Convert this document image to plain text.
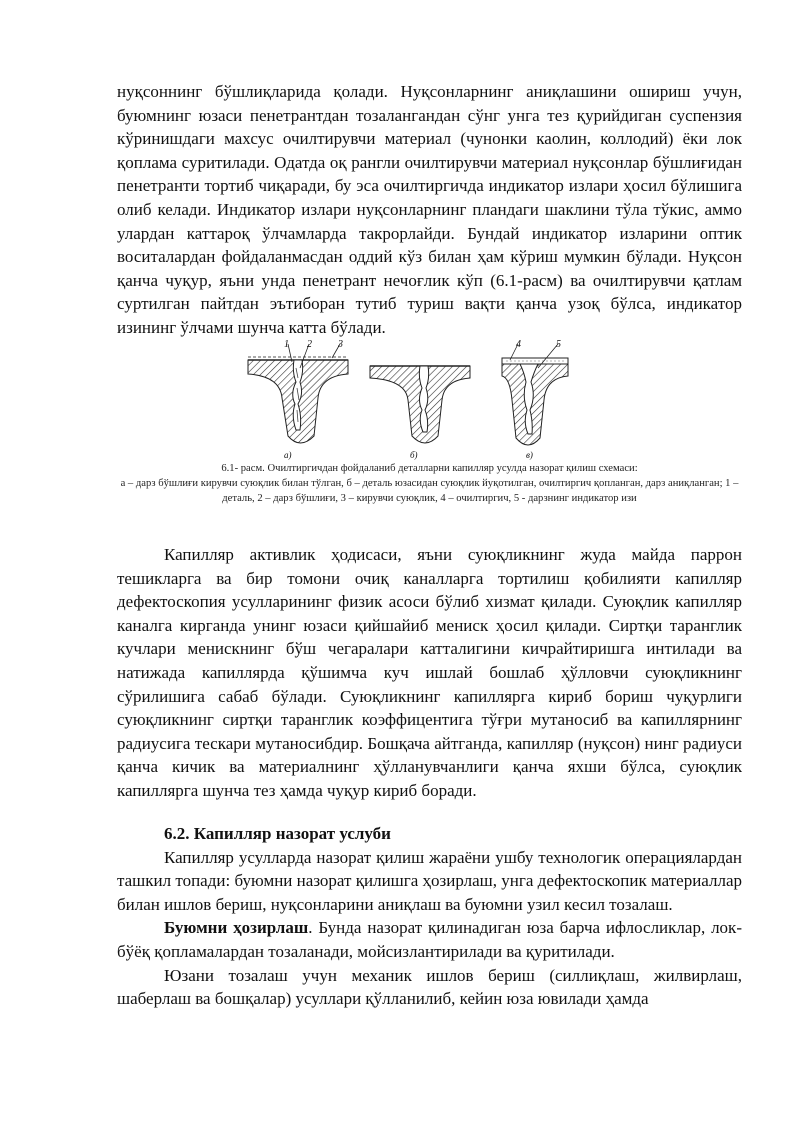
нуқсоннинг бўшлиқларида қолади. Нуқсонларнинг аниқлашини ошириш учун, буюмнинг юзаси пенетрантдан тозалангандан сўнг унга тез қурийдиган суспензия кўринишдаги махсус очилтирувчи материал (чунонки каолин, коллодий) ёки лок қоплама суритилади. Одатда оқ рангли очилтирувчи материал нуқсонлар бўшлиғидан пенетранти тортиб чиқаради, бу эса очилтиргичда индикатор излари ҳосил бўлишига олиб келади. Индикатор излари нуқсонларнинг пландаги шаклини тўла тўкис, аммо улардан каттароқ ўлчамларда такрорлайди. Бундай индикатор изларини оптик воситалардан фойдаланмасдан оддий кўз билан ҳам кўриш мумкин бўлади. Нуқсон қанча чуқур, яъни унда пенетрант нечоғлик кўп (6.1-расм) ва очилтирувчи қатлам суртилган пайтдан эътиборан тутиб туриш вақти қанча узоқ бўлса, индикатор изининг ўлчами шунча катта бўлади.

1 2	3	4	5
а)	б)	в)

6.1- расм. Очилтиргичдан фойдаланиб деталларни капилляр усулда назорат қилиш схемаси:

а – дарз бўшлиғи кирувчи суюқлик билан тўлган, б – деталь юзасидан суюқлик йуқотилган, очилтиргич қопланган, дарз аниқланган; 1 – деталь, 2 – дарз бўшлиғи, 3 – кирувчи суюқлик, 4 – очилтиргич, 5 - дарзнинг индикатор изи

Капилляр активлик ҳодисаси, яъни суюқликнинг жуда майда паррон тешикларга ва бир томони очиқ каналларга тортилиш қобилияти капилляр дефектоскопия усулларининг физик асоси бўлиб хизмат қилади. Суюқлик капилляр каналга кирганда унинг юзаси қийшайиб мениск ҳосил қилади. Сиртқи таранглик кучлари менискнинг бўш чегаралари катталигини кичрайтиришга интилади ва натижада капиллярда қўшимча куч ишлай бошлаб ҳўлловчи суюқликнинг сўрилишига сабаб бўлади. Суюқликнинг капиллярга кириб бориш чуқурлиги суюқликнинг сиртқи таранглик коэффицентига тўғри мутаносиб ва капиллярнинг радиусига тескари мутаносибдир. Бошқача айтганда, капилляр (нуқсон) нинг радиуси қанча кичик ва материалнинг ҳўлланувчанлиги қанча яхши бўлса, суюқлик капиллярга шунча тез ҳамда чуқур кириб боради.

6.2. Капилляр назорат услуби

Капилляр усулларда назорат қилиш жараёни ушбу технологик операциялардан ташкил топади: буюмни назорат қилишга ҳозирлаш, унга дефектоскопик материаллар билан ишлов бериш, нуқсонларини аниқлаш ва буюмни узил кесил тозалаш.

Буюмни ҳозирлаш. Бунда назорат қилинадиган юза барча ифлосликлар, лок-бўёқ қопламалардан тозаланади, мойсизлантирилади ва қуритилади.

Юзани тозалаш учун механик ишлов бериш (силлиқлаш, жилвирлаш, шаберлаш ва бошқалар) усуллари қўлланилиб, кейин юза ювилади ҳамда
